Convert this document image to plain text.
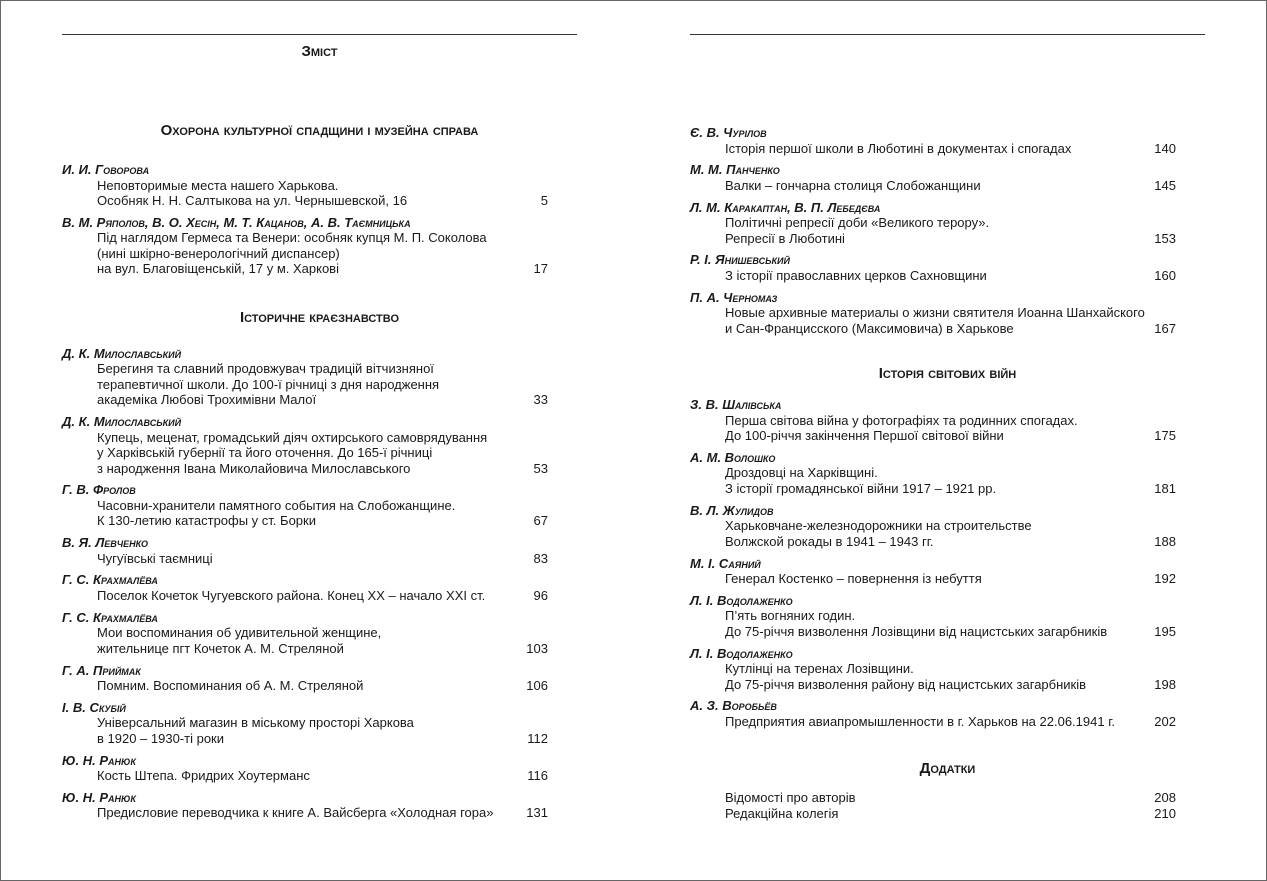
Зміст
Охорона культурної спадщини і музейна справа
И. И. Говорова
Неповторимые места нашего Харькова.
Особняк Н. Н. Салтыкова на ул. Чернышевской, 16	5
В. М. Ряполов, В. О. Хесін, М. Т. Кацанов, А. В. Таємницька
Під наглядом Гермеса та Венери: особняк купця М. П. Соколова
(нині шкірно-венерологічний диспансер)
на вул. Благовіщенській, 17 у м. Харкові	17
Історичне краєзнавство
Д. К. Милославський
Берегиня та славний продовжувач традицій вітчизняної
терапевтичної школи. До 100-ї річниці з дня народження
академіка Любові Трохимівни Малої	33
Д. К. Милославський
Купець, меценат, громадський діяч охтирського самоврядування
у Харківській губернії та його оточення. До 165-ї річниці
з народження Івана Миколайовича Милославського	53
Г. В. Фролов
Часовни-хранители памятного события на Слобожанщине.
К 130-летию катастрофы у ст. Борки	67
В. Я. Левченко
Чугуївські таємниці	83
Г. С. Крахмалёва
Поселок Кочеток Чугуевского района. Конец ХХ – начало ХХІ ст.	96
Г. С. Крахмалёва
Мои воспоминания об удивительной женщине,
жительнице пгт Кочеток А. М. Стреляной	103
Г. А. Приймак
Помним. Воспоминания об А. М. Стреляной	106
І. В. Скубій
Універсальний магазин в міському просторі Харкова
в 1920 – 1930-ті роки	112
Ю. Н. Ранюк
Кость Штепа. Фридрих Хоутерманс	116
Ю. Н. Ранюк
Предисловие переводчика к книге А. Вайсберга «Холодная гора»	131
Є. В. Чурілов
Історія першої школи в Люботині в документах і спогадах	140
М. М. Панченко
Валки – гончарна столиця Слобожанщини	145
Л. М. Каракаптан, В. П. Лебедєва
Політичні репресії доби «Великого терору».
Репресії в Люботині	153
Р. І. Янишевський
З історії православних церков Сахновщини	160
П. А. Черномаз
Новые архивные материалы о жизни святителя Иоанна Шанхайского
и Сан-Францисского (Максимовича) в Харькове	167
Історія світових війн
З. В. Шалівська
Перша світова війна у фотографіях та родинних спогадах.
До 100-річчя закінчення Першої світової війни	175
А. М. Волошко
Дроздовці на Харківщині.
З історії громадянської війни 1917 – 1921 рр.	181
В. Л. Жулидов
Харьковчане-железнодорожники на строительстве
Волжской рокады в 1941 – 1943 гг.	188
М. І. Саяний
Генерал Костенко – повернення із небуття	192
Л. І. Водолаженко
П’ять вогняних годин.
До 75-річчя визволення Лозівщини від нацистських загарбників	195
Л. І. Водолаженко
Кутлінці на теренах Лозівщини.
До 75-річчя визволення району від нацистських загарбників	198
А. З. Воробьёв
Предприятия авиапромышленности в г. Харьков на 22.06.1941 г.	202
Додатки
Відомості про авторів	208
Редакційна колегія	210
